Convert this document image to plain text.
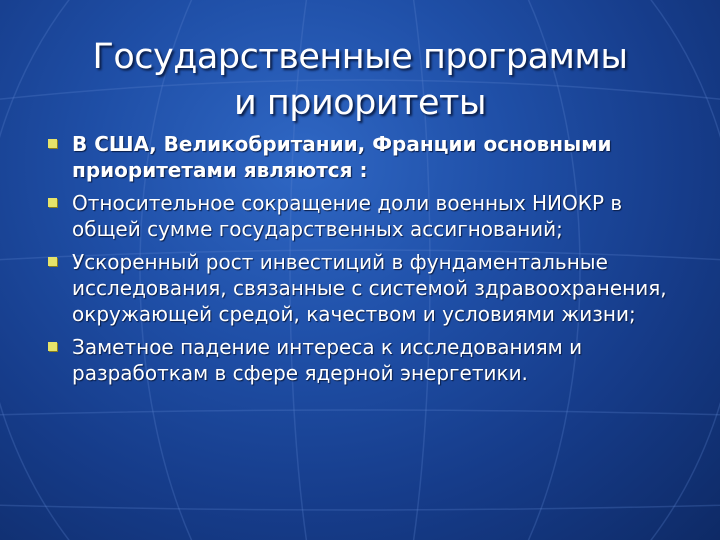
Государственные программы
и приоритеты
В США, Великобритании, Франции основными приоритетами являются :
Относительное сокращение доли военных НИОКР в общей сумме государственных ассигнований;
Ускоренный рост инвестиций в фундаментальные исследования, связанные с системой здравоохранения, окружающей средой, качеством и условиями жизни;
Заметное падение интереса к исследованиям и разработкам в сфере ядерной энергетики.
